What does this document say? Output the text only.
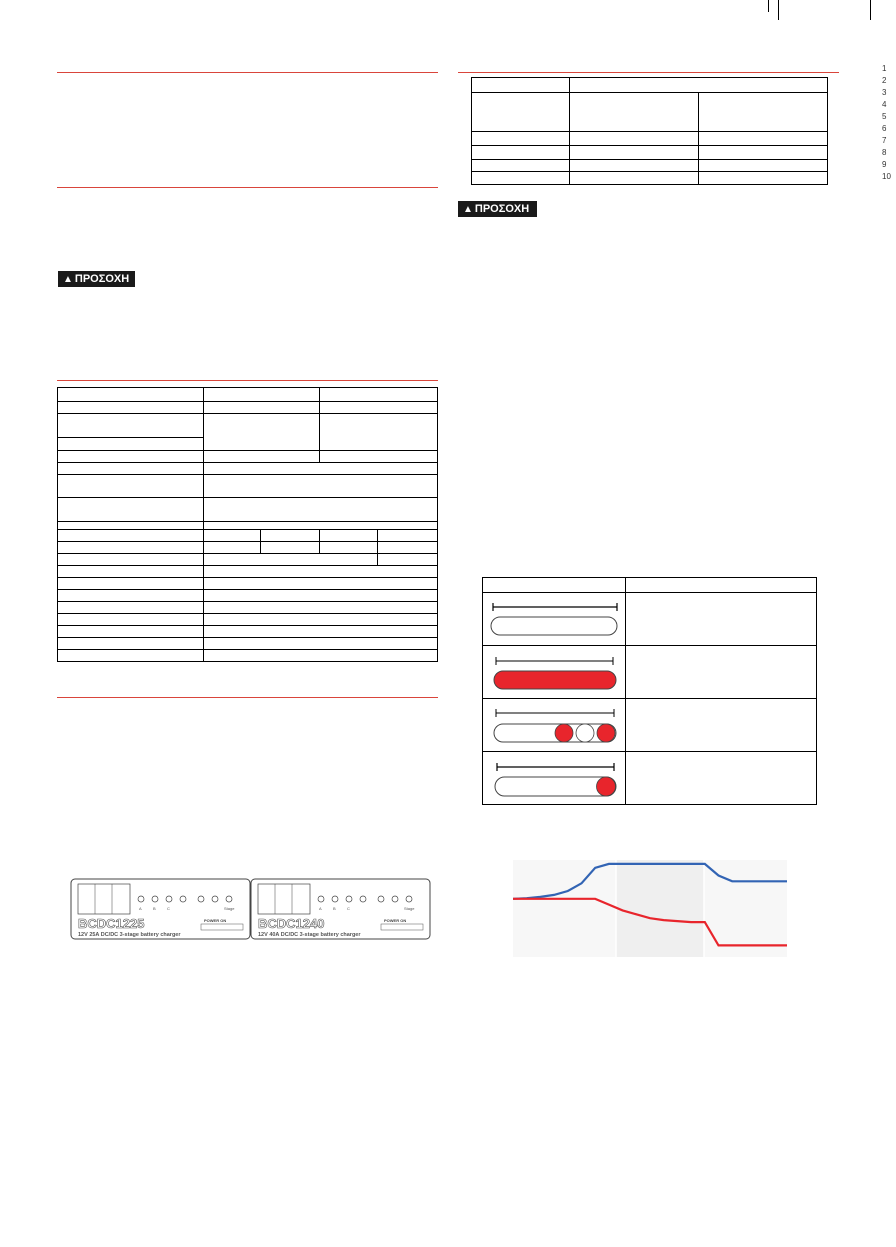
▲ ΠΡΟΣΟΧΗ

A	B	C	Stage
BCDC1225	POWER ON
12V 25A DC/DC 3-stage battery charger
A	B	C	Stage
BCDC1240	POWER ON
12V 40A DC/DC 3-stage battery charger

▲ ΠΡΟΣΟΧΗ

1
2
3
4
5
6
7
8
9
10
